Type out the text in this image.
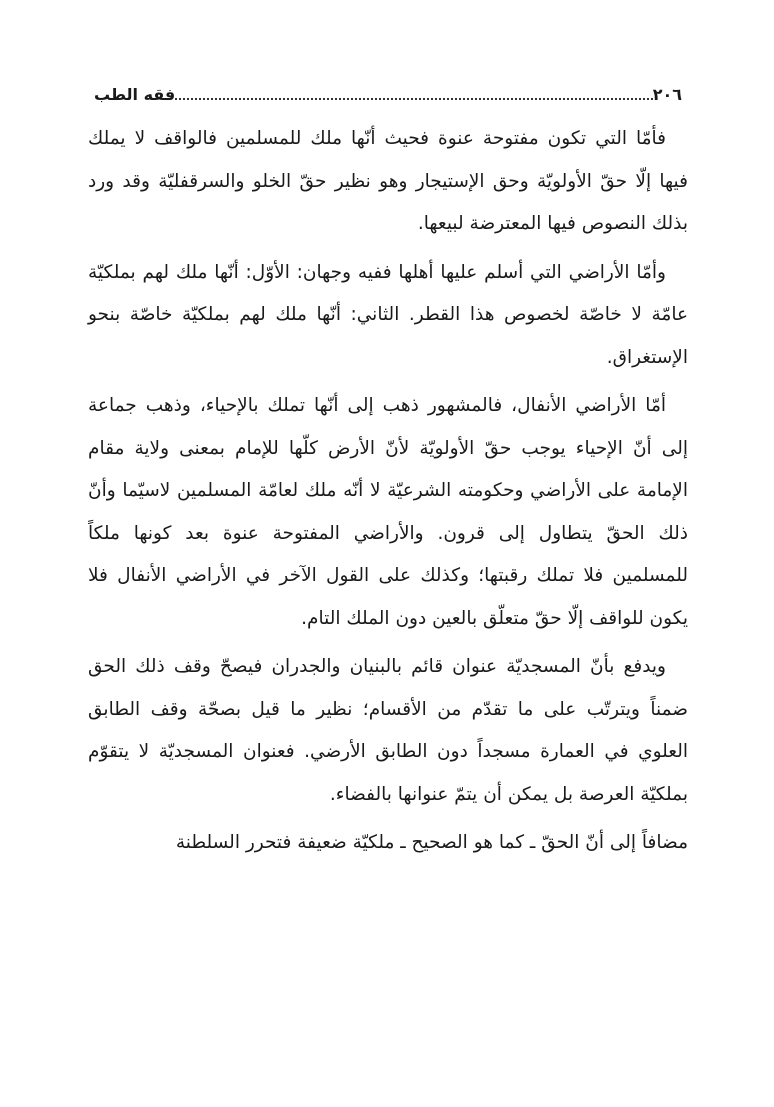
٢٠٦
فقه الطب

فأمّا التي تكون مفتوحة عنوة فحيث أنّها ملك للمسلمين فالواقف لا يملك فيها إلّا حقّ الأولويّة وحق الإستيجار وهو نظير حقّ الخلو والسرقفليّة وقد ورد بذلك النصوص فيها المعترضة لبيعها.

وأمّا الأراضي التي أسلم عليها أهلها ففيه وجهان: الأوّل: أنّها ملك لهم بملكيّة عامّة لا خاصّة لخصوص هذا القطر. الثاني: أنّها ملك لهم بملكيّة خاصّة بنحو الإستغراق.

أمّا الأراضي الأنفال، فالمشهور ذهب إلى أنّها تملك بالإحياء، وذهب جماعة إلى أنّ الإحياء يوجب حقّ الأولويّة لأنّ الأرض كلّها للإمام بمعنى ولاية مقام الإمامة على الأراضي وحكومته الشرعيّة لا أنّه ملك لعامّة المسلمين لاسيّما وأنّ ذلك الحقّ يتطاول إلى قرون. والأراضي المفتوحة عنوة بعد كونها ملكاً للمسلمين فلا تملك رقبتها؛ وكذلك على القول الآخر في الأراضي الأنفال فلا يكون للواقف إلّا حقّ متعلّق بالعين دون الملك التام.

ويدفع بأنّ المسجديّة عنوان قائم بالبنيان والجدران فيصحّ وقف ذلك الحق ضمناً ويترتّب على ما تقدّم من الأقسام؛ نظير ما قيل بصحّة وقف الطابق العلوي في العمارة مسجداً دون الطابق الأرضي. فعنوان المسجديّة لا يتقوّم بملكيّة العرصة بل يمكن أن يتمّ عنوانها بالفضاء.

مضافاً إلى أنّ الحقّ ـ كما هو الصحيح ـ ملكيّة ضعيفة فتحرر السلطنة
